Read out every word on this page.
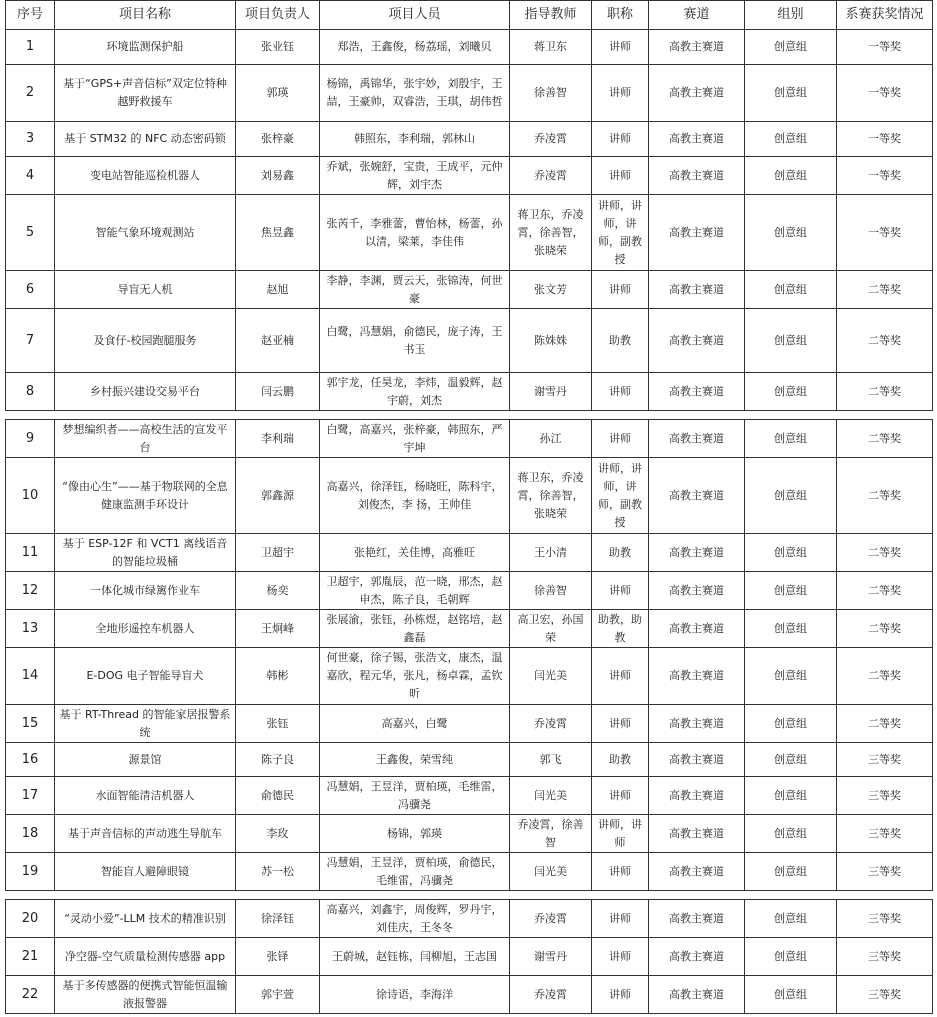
序号	项目名称	项目负责人	项目人员	指导教师	职称	赛道	组别	系赛获奖情况
1	环境监测保护船	张业钰	郑浩，王鑫俊，杨荔瑶，刘曦贝	蒋卫东	讲师	高教主赛道	创意组	一等奖
2	基于“GPS+声音信标”双定位特种越野救援车	郭瑛	杨锦，禹锦华，张宇妙，刘殷宇，王喆，王豪帅，双睿浩，王琪，胡伟哲	徐善智	讲师	高教主赛道	创意组	一等奖
3	基于 STM32 的 NFC 动态密码锁	张梓豪	韩照东，李利瑞，郭林山	乔凌霄	讲师	高教主赛道	创意组	一等奖
4	变电站智能巡检机器人	刘易鑫	乔斌，张婉舒，宝贵，王成平，元仲辉，刘宇杰	乔凌霄	讲师	高教主赛道	创意组	一等奖
5	智能气象环境观测站	焦昱鑫	张芮千，李雅蕾，曹怡林，杨蕾，孙以清，梁莱，李佳伟	蒋卫东，乔凌霄，徐善智，张晓荣	讲师，讲师，讲师，副教授	高教主赛道	创意组	一等奖
6	导盲无人机	赵旭	李静，李渊，贾云天，张锦涛，何世豪	张文芳	讲师	高教主赛道	创意组	二等奖
7	及食仔-校园跑腿服务	赵亚楠	白鹭，冯慧娟，俞德民，庞子涛，王书玉	陈姝姝	助教	高教主赛道	创意组	二等奖
8	乡村振兴建设交易平台	闫云鹏	郭宇龙，任昊龙，李炜，温毅辉，赵宇蔚，刘杰	谢雪丹	讲师	高教主赛道	创意组	二等奖

9	梦想编织者——高校生活的宣发平台	李利瑞	白鹭，高嘉兴，张梓豪，韩照东，严宇坤	孙江	讲师	高教主赛道	创意组	二等奖
10	“像由心生”——基于物联网的全息健康监测手环设计	郭鑫源	高嘉兴，徐泽钰，杨晓旺，陈科宇，刘俊杰，李 扬，王帅佳	蒋卫东，乔凌霄，徐善智，张晓荣	讲师，讲师，讲师，副教授	高教主赛道	创意组	二等奖
11	基于 ESP-12F 和 VCT1 离线语音的智能垃圾桶	卫超宇	张艳红，关佳博，高雅旺	王小清	助教	高教主赛道	创意组	二等奖
12	一体化城市绿篱作业车	杨奕	卫超宇，郭胤辰，范一晓，邢杰，赵申杰，陈子良，毛朝辉	徐善智	讲师	高教主赛道	创意组	二等奖
13	全地形遥控车机器人	王炯峰	张展渝，张钰，孙栋煜，赵铭培，赵鑫磊	高卫宏，孙国荣	助教，助教	高教主赛道	创意组	二等奖
14	E-DOG 电子智能导盲犬	韩彬	何世豪，徐子锡，张浩文，康杰，温嘉欣，程元华，张凡，杨卓霖，孟钦昕	闫光美	讲师	高教主赛道	创意组	二等奖
15	基于 RT-Thread 的智能家居报警系统	张钰	高嘉兴，白鹭	乔凌霄	讲师	高教主赛道	创意组	二等奖
16	源景馆	陈子良	王鑫俊，荣雪纯	郭飞	助教	高教主赛道	创意组	三等奖
17	水面智能清洁机器人	俞德民	冯慧娟，王昱洋，贾柏瑛，毛维雷，冯骥尧	闫光美	讲师	高教主赛道	创意组	三等奖
18	基于声音信标的声动逃生导航车	李玫	杨锦，郭瑛	乔凌霄，徐善智	讲师，讲师	高教主赛道	创意组	三等奖
19	智能盲人避障眼镜	苏一松	冯慧娟，王昱洋，贾柏瑛，俞德民，毛维雷，冯骥尧	闫光美	讲师	高教主赛道	创意组	三等奖

20	“灵动小爱”-LLM 技术的精准识别	徐泽钰	高嘉兴，刘鑫宇，周俊辉，罗丹宇，刘佳庆，王冬冬	乔凌霄	讲师	高教主赛道	创意组	三等奖
21	净空器-空气质量检测传感器 app	张铎	王蔚城，赵钰栋，闫柳旭，王志国	谢雪丹	讲师	高教主赛道	创意组	三等奖
22	基于多传感器的便携式智能恒温输液报警器	郭宇萱	徐诗语，李海洋	乔凌霄	讲师	高教主赛道	创意组	三等奖
